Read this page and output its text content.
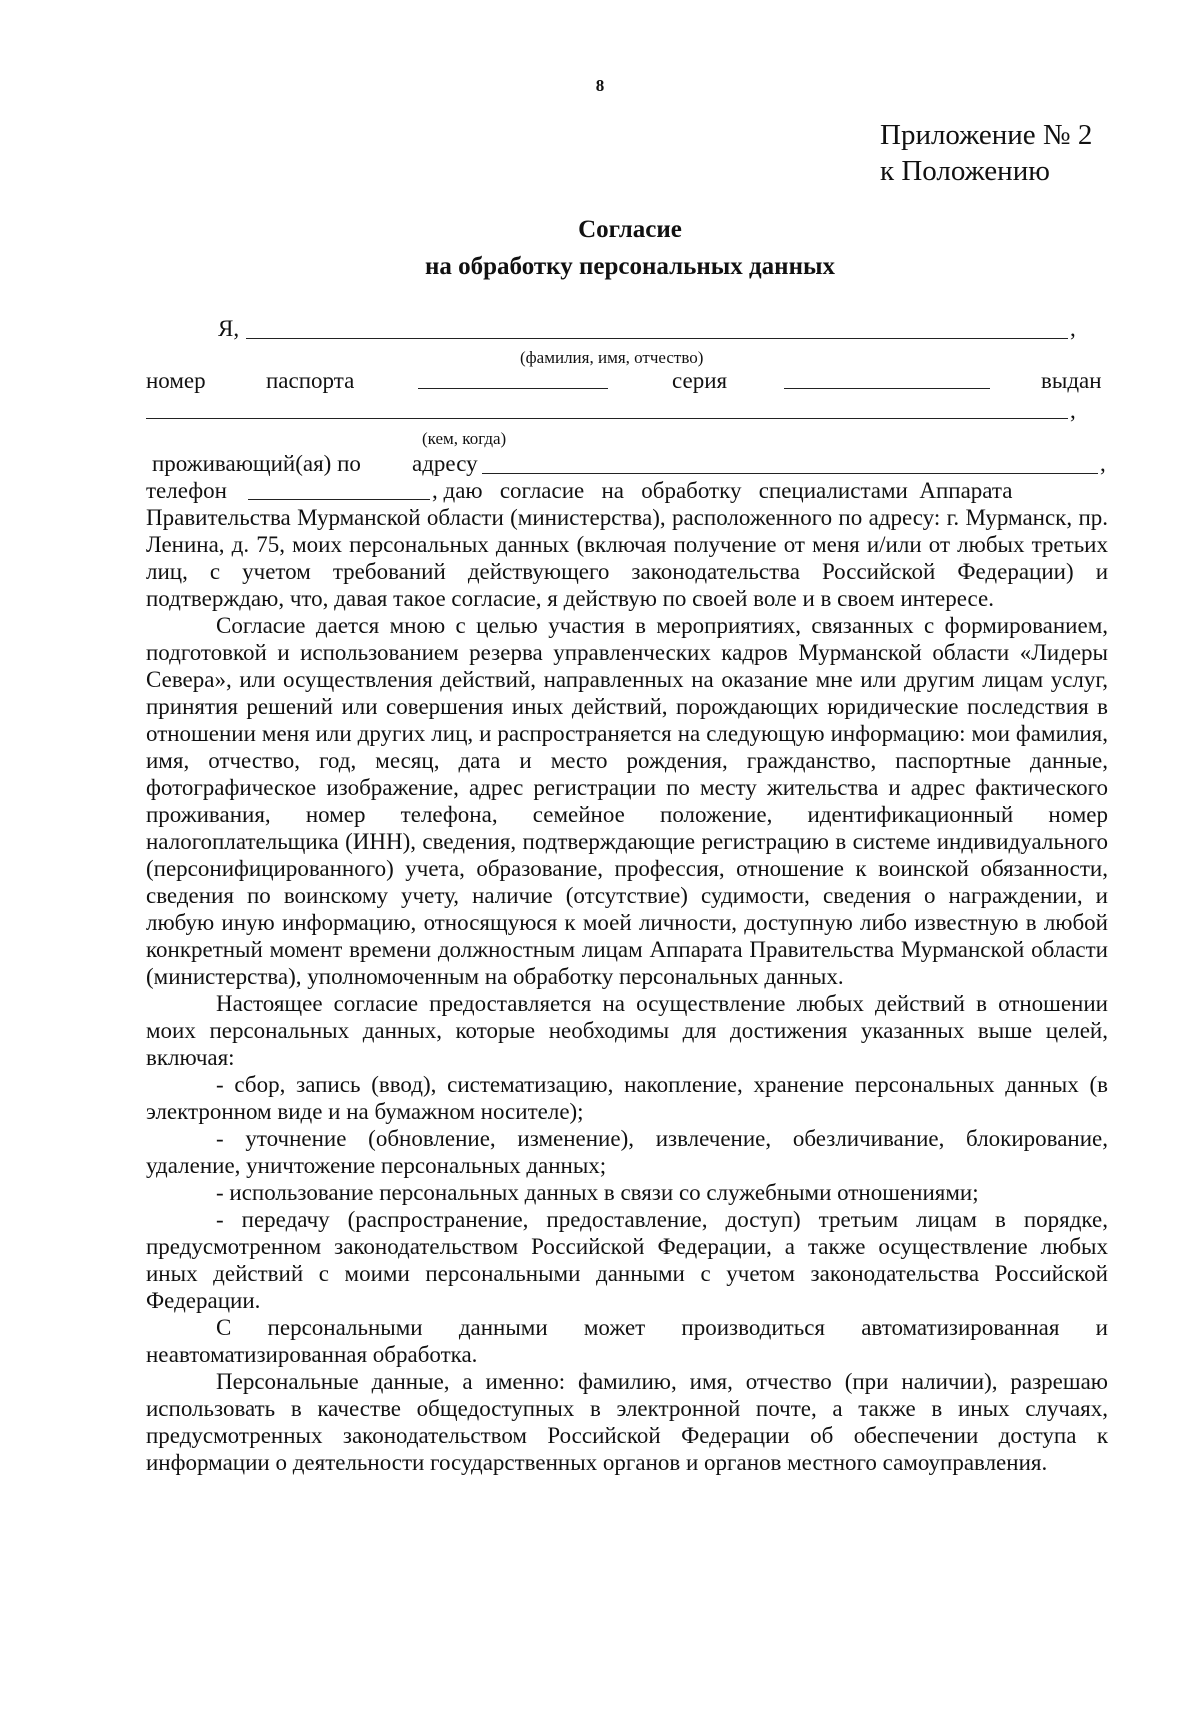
8
Приложение № 2
к Положению
Согласие
на обработку персональных данных
Я,	,
(фамилия, имя, отчество)
номер	паспорта	серия	выдан
,
(кем, когда)
проживающий(ая) по адресу	,
телефон	, даю   согласие   на   обработку   специалистами  Аппарата

Правительства Мурманской области (министерства), расположенного по адресу: г. Мурманск, пр. Ленина, д. 75, моих персональных данных (включая получение от меня и/или от любых третьих лиц, с учетом требований действующего законодательства Российской Федерации) и подтверждаю, что, давая такое согласие, я действую по своей воле и в своем интересе.

Согласие дается мною с целью участия в мероприятиях, связанных с формированием, подготовкой и использованием резерва управленческих кадров Мурманской области «Лидеры Севера», или осуществления действий, направленных на оказание мне или другим лицам услуг, принятия решений или совершения иных действий, порождающих юридические последствия в отношении меня или других лиц, и распространяется на следующую информацию: мои фамилия, имя, отчество, год, месяц, дата и место рождения, гражданство, паспортные данные, фотографическое изображение, адрес регистрации по месту жительства и адрес фактического проживания, номер телефона, семейное положение, идентификационный номер налогоплательщика (ИНН), сведения, подтверждающие регистрацию в системе индивидуального (персонифицированного) учета, образование, профессия, отношение к воинской обязанности, сведения по воинскому учету, наличие (отсутствие) судимости, сведения о награждении, и любую иную информацию, относящуюся к моей личности, доступную либо известную в любой конкретный момент времени должностным лицам Аппарата Правительства Мурманской области (министерства), уполномоченным на обработку персональных данных.

Настоящее согласие предоставляется на осуществление любых действий в отношении моих персональных данных, которые необходимы для достижения указанных выше целей, включая:

- сбор, запись (ввод), систематизацию, накопление, хранение персональных данных (в электронном виде и на бумажном носителе);

- уточнение (обновление, изменение), извлечение, обезличивание, блокирование, удаление, уничтожение персональных данных;

- использование персональных данных в связи со служебными отношениями;

- передачу (распространение, предоставление, доступ) третьим лицам в порядке, предусмотренном законодательством Российской Федерации, а также осуществление любых иных действий с моими персональными данными с учетом законодательства Российской Федерации.

С персональными данными может производиться автоматизированная и неавтоматизированная обработка.

Персональные данные, а именно: фамилию, имя, отчество (при наличии), разрешаю использовать в качестве общедоступных в электронной почте, а также в иных случаях, предусмотренных законодательством Российской Федерации об обеспечении доступа к информации о деятельности государственных органов и органов местного самоуправления.
